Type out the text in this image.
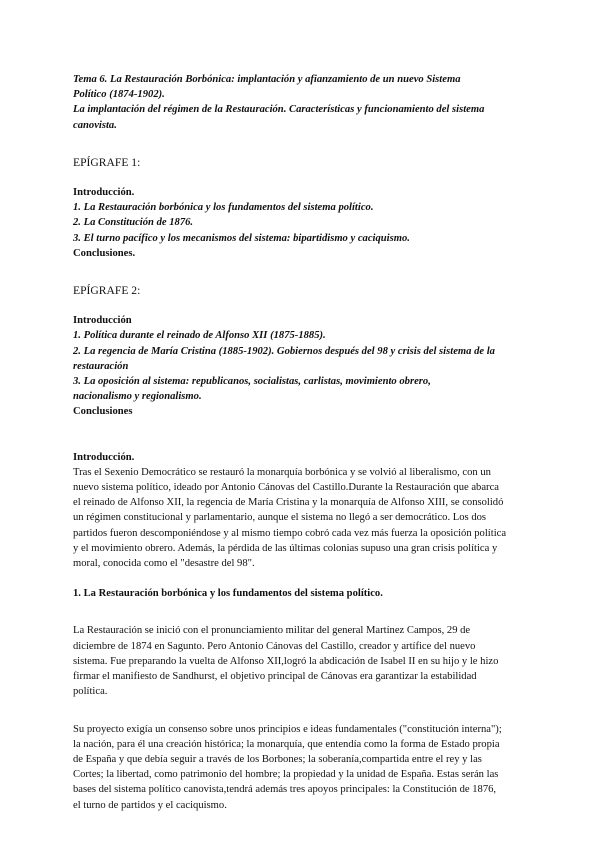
Tema 6. La Restauración Borbónica: implantación y afianzamiento de un nuevo Sistema
Político (1874-1902).
La implantación del régimen de la Restauración. Características y funcionamiento del sistema
canovista.
EPÍGRAFE 1:
Introducción.
1. La Restauración borbónica y los fundamentos del sistema político.
2. La Constitución de 1876.
3. El turno pacífico y los mecanismos del sistema: bipartidismo y caciquismo.
Conclusiones.
EPÍGRAFE 2:
Introducción
1. Política durante el reinado de Alfonso XII (1875-1885).
2. La regencia de María Cristina (1885-1902). Gobiernos después del 98 y crisis del sistema de la
restauración
3. La oposición al sistema: republicanos, socialistas, carlistas, movimiento obrero,
nacionalismo y regionalismo.
Conclusiones
Introducción.
Tras el Sexenio Democrático se restauró la monarquía borbónica y se volvió al liberalismo, con un
nuevo sistema político, ideado por Antonio Cánovas del Castillo.Durante la Restauración que abarca
el reinado de Alfonso XII, la regencia de María Cristina y la monarquía de Alfonso XIII, se consolidó
un régimen constitucional y parlamentario, aunque el sistema no llegó a ser democrático. Los dos
partidos fueron descomponiéndose y al mismo tiempo cobró cada vez más fuerza la oposición política
y el movimiento obrero. Además, la pérdida de las últimas colonias supuso una gran crisis política y
moral, conocida como el "desastre del 98".
1. La Restauración borbónica y los fundamentos del sistema político.
La Restauración se inició con el pronunciamiento militar del general Martínez Campos, 29 de
diciembre de 1874 en Sagunto. Pero Antonio Cánovas del Castillo, creador y artífice del nuevo
sistema. Fue preparando la vuelta de Alfonso XII,logró la abdicación de Isabel II en su hijo y le hizo
firmar el manifiesto de Sandhurst, el objetivo principal de Cánovas era garantizar la estabilidad
política.
Su proyecto exigía un consenso sobre unos principios e ideas fundamentales ("constitución interna");
la nación, para él una creación histórica; la monarquía, que entendía como la forma de Estado propia
de España y que debía seguir a través de los Borbones; la soberanía,compartida entre el rey y las
Cortes; la libertad, como patrimonio del hombre; la propiedad y la unidad de España. Estas serán las
bases del sistema político canovista,tendrá además tres apoyos principales: la Constitución de 1876,
el turno de partidos y el caciquismo.
